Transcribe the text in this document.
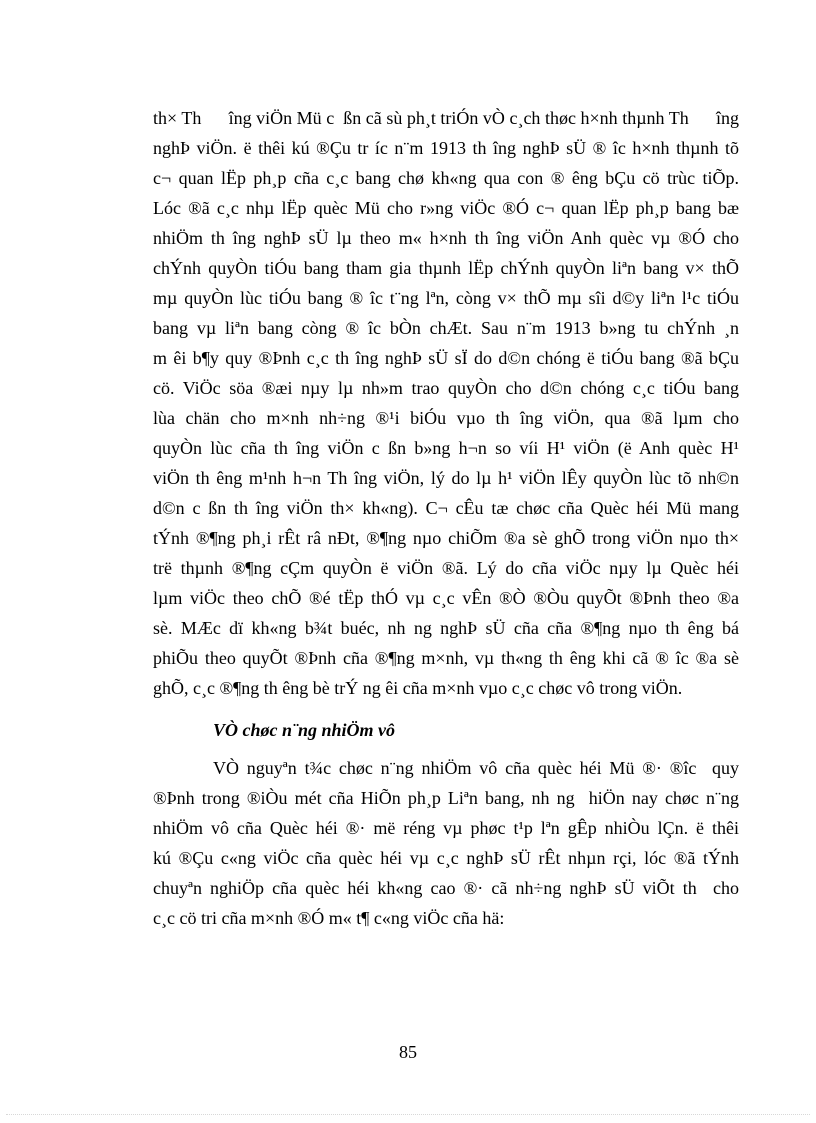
th× Th      îng viÖn Mü c  ßn cã sù ph¸t triÓn vÒ c¸ch thøc h×nh thµnh Th      îng
nghÞ viÖn. ë thêi kú ®Çu tr íc n¨m 1913 th îng nghÞ sÜ ® îc h×nh thµnh tõ
c¬ quan lËp ph¸p cña c¸c bang chø kh«ng qua con ® êng bÇu cö trùc tiÕp.
Lóc ®ã c¸c nhµ lËp quèc Mü cho r»ng viÖc ®Ó c¬ quan lËp ph¸p bang bæ
nhiÖm th îng nghÞ sÜ lµ theo m« h×nh th îng viÖn Anh quèc vµ ®Ó cho
chÝnh quyÒn tiÓu bang tham gia thµnh lËp chÝnh quyÒn liªn bang v× thÕ
mµ quyÒn lùc tiÓu bang ® îc t¨ng lªn, còng v× thÕ mµ sîi d©y liªn l¹c tiÓu
bang vµ liªn bang còng ® îc bÒn chÆt. Sau n¨m 1913 b»ng tu chÝnh ¸n
m êi b¶y quy ®Þnh c¸c th îng nghÞ sÜ sÏ do d©n chóng ë tiÓu bang ®ã bÇu
cö. ViÖc söa ®æi nµy lµ nh»m trao quyÒn cho d©n chóng c¸c tiÓu bang
lùa chän cho m×nh nh÷ng ®¹i biÓu vµo th îng viÖn, qua ®ã lµm cho
quyÒn lùc cña th îng viÖn c ßn b»ng h¬n so víi H¹ viÖn (ë Anh quèc H¹
viÖn th êng m¹nh h¬n Th îng viÖn, lý do lµ h¹ viÖn lÊy quyÒn lùc tõ nh©n
d©n c ßn th îng viÖn th× kh«ng). C¬ cÊu tæ chøc cña Quèc héi Mü mang
tÝnh ®¶ng ph¸i rÊt râ nÐt, ®¶ng nµo chiÕm ®a sè ghÕ trong viÖn nµo th×
trë thµnh ®¶ng cÇm quyÒn ë viÖn ®ã. Lý do cña viÖc nµy lµ Quèc héi
lµm viÖc theo chÕ ®é tËp thÓ vµ c¸c vÊn ®Ò ®Òu quyÕt ®Þnh theo ®a
sè. MÆc dï kh«ng b¾t buéc, nh ng nghÞ sÜ cña cña ®¶ng nµo th êng bá
phiÕu theo quyÕt ®Þnh cña ®¶ng m×nh, vµ th«ng th êng khi cã ® îc ®a sè
ghÕ, c¸c ®¶ng th êng bè trÝ ng êi cña m×nh vµo c¸c chøc vô trong viÖn.
VÒ chøc n¨ng nhiÖm vô
VÒ nguyªn t¾c chøc n¨ng nhiÖm vô cña quèc héi Mü ®· ®îc  quy
®Þnh trong ®iÒu mét cña HiÕn ph¸p Liªn bang, nh ng  hiÖn nay chøc n¨ng
nhiÖm vô cña Quèc héi ®· më réng vµ phøc t¹p lªn gÊp nhiÒu lÇn. ë thêi
kú ®Çu c«ng viÖc cña quèc héi vµ c¸c nghÞ sÜ rÊt nhµn rçi, lóc ®ã tÝnh
chuyªn nghiÖp cña quèc héi kh«ng cao ®· cã nh÷ng nghÞ sÜ viÕt th  cho
c¸c cö tri cña m×nh ®Ó m« t¶ c«ng viÖc cña hä:
85
